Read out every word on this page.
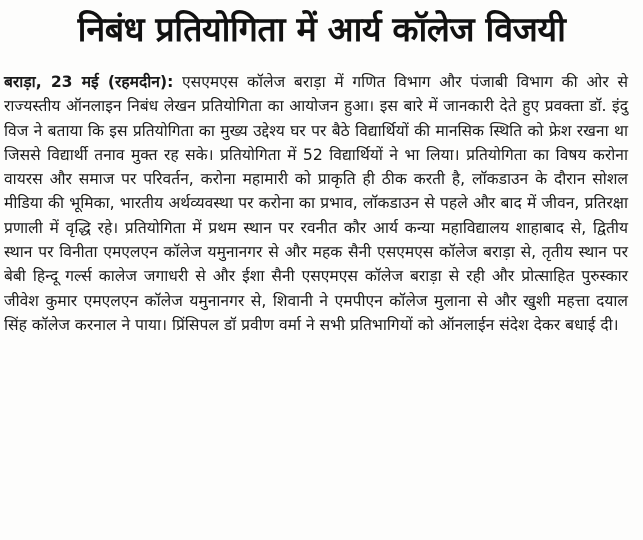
निबंध प्रतियोगिता में आर्य कॉलेज विजयी

बराड़ा, 23 मई (रहमदीन): एसएमएस कॉलेज बराड़ा में गणित विभाग और पंजाबी विभाग की ओर से राज्यस्तीय ऑनलाइन निबंध लेखन प्रतियोगिता का आयोजन हुआ। इस बारे में जानकारी देते हुए प्रवक्ता डॉ. इंदु विज ने बताया कि इस प्रतियोगिता का मुख्य उद्देश्य घर पर बैठे विद्यार्थियों की मानसिक स्थिति को फ्रेश रखना था जिससे विद्यार्थी तनाव मुक्त रह सके। प्रतियोगिता में 52 विद्यार्थियों ने भा लिया। प्रतियोगिता का विषय करोना वायरस और समाज पर परिवर्तन, करोना महामारी को प्राकृति ही ठीक करती है, लॉकडाउन के दौरान सोशल मीडिया की भूमिका, भारतीय अर्थव्यवस्था पर करोना का प्रभाव, लॉकडाउन से पहले और बाद में जीवन, प्रतिरक्षा प्रणाली में वृद्धि रहे। प्रतियोगिता में प्रथम स्थान पर रवनीत कौर आर्य कन्या महाविद्यालय शाहाबाद से, द्वितीय स्थान पर विनीता एमएलएन कॉलेज यमुनानगर से और महक सैनी एसएमएस कॉलेज बराड़ा से, तृतीय स्थान पर बेबी हिन्दू गर्ल्स कालेज जगाधरी से और ईशा सैनी एसएमएस कॉलेज बराड़ा से रही और प्रोत्साहित पुरुस्कार जीवेश कुमार एमएलएन कॉलेज यमुनानगर से, शिवानी ने एमपीएन कॉलेज मुलाना से और खुशी महत्ता दयाल सिंह कॉलेज करनाल ने पाया। प्रिंसिपल डॉ प्रवीण वर्मा ने सभी प्रतिभागियों को ऑनलाईन संदेश देकर बधाई दी।
